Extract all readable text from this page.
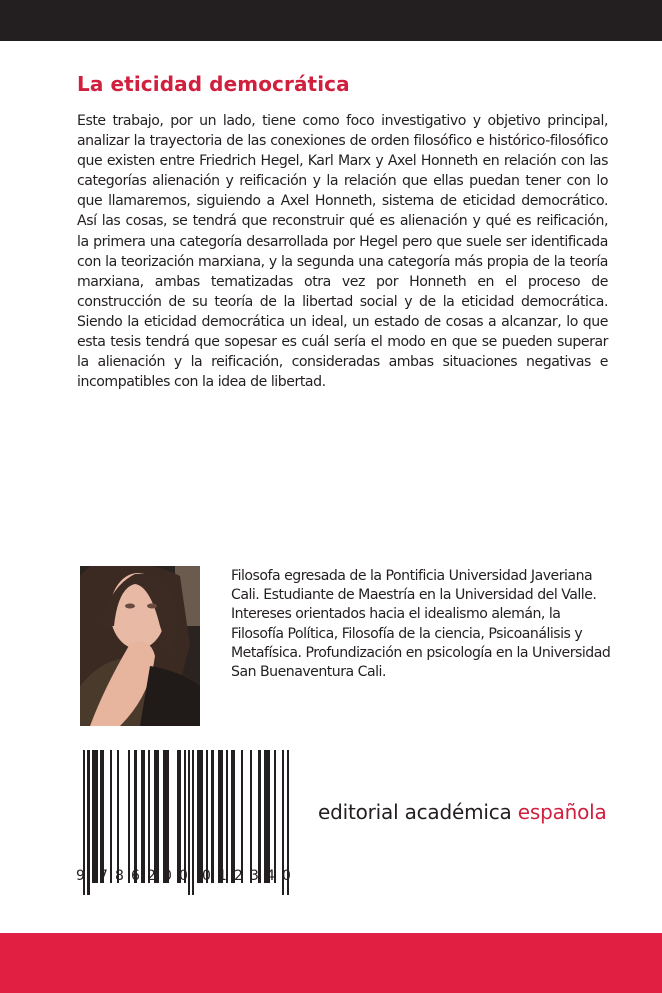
La eticidad democrática

Este trabajo, por un lado, tiene como foco investigativo y objetivo principal, analizar la trayectoria de las conexiones de orden filosófico e histórico-filosófico que existen entre Friedrich Hegel, Karl Marx y Axel Honneth en relación con las categorías alienación y reificación y la relación que ellas puedan tener con lo que llamaremos, siguiendo a Axel Honneth, sistema de eticidad democrático. Así las cosas, se tendrá que reconstruir qué es alienación y qué es reificación, la primera una categoría desarrollada por Hegel pero que suele ser identificada con la teorización marxiana, y la segunda una categoría más propia de la teoría marxiana, ambas tematizadas otra vez por Honneth en el proceso de construcción de su teoría de la libertad social y de la eticidad democrática. Siendo la eticidad democrática un ideal, un estado de cosas a alcanzar, lo que esta tesis tendrá que sopesar es cuál sería el modo en que se pueden superar la alienación y la reificación, consideradas ambas situaciones negativas e incompatibles con la idea de libertad.

Filosofa egresada de la Pontificia Universidad Javeriana Cali. Estudiante de Maestría en la Universidad del Valle. Intereses orientados hacia el idealismo alemán, la Filosofía Política, Filosofía de la ciencia, Psicoanálisis y Metafísica. Profundización en psicología en la Universidad San Buenaventura Cali.

9 7 8 6 2 0 0 0 1 2 3 4 0
editorial académica española
